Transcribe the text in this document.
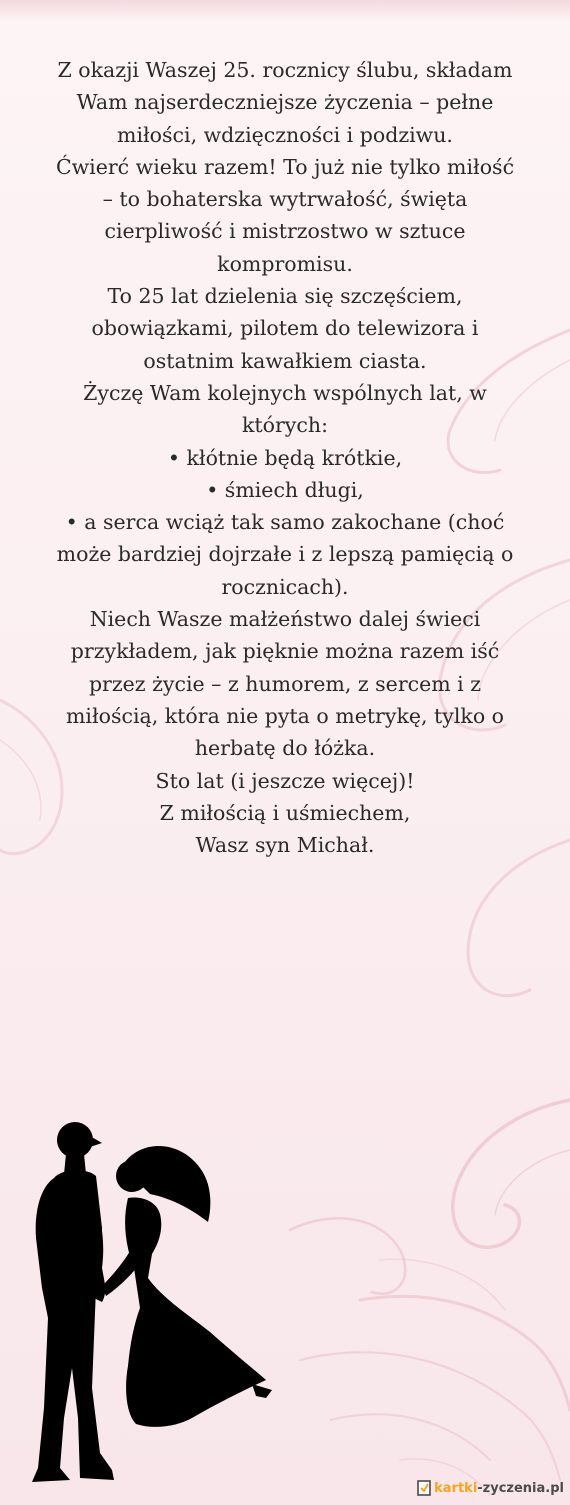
Z okazji Waszej 25. rocznicy ślubu, składam
Wam najserdeczniejsze życzenia – pełne
miłości, wdzięczności i podziwu.
Ćwierć wieku razem! To już nie tylko miłość
– to bohaterska wytrwałość, święta
cierpliwość i mistrzostwo w sztuce
kompromisu.
To 25 lat dzielenia się szczęściem,
obowiązkami, pilotem do telewizora i
ostatnim kawałkiem ciasta.
Życzę Wam kolejnych wspólnych lat, w
których:
• kłótnie będą krótkie,
• śmiech długi,
• a serca wciąż tak samo zakochane (choć
może bardziej dojrzałe i z lepszą pamięcią o
rocznicach).
Niech Wasze małżeństwo dalej świeci
przykładem, jak pięknie można razem iść
przez życie – z humorem, z sercem i z
miłością, która nie pyta o metrykę, tylko o
herbatę do łóżka.
Sto lat (i jeszcze więcej)!
Z miłością i uśmiechem,
Wasz syn Michał.

kartki -zyczenia.pl
